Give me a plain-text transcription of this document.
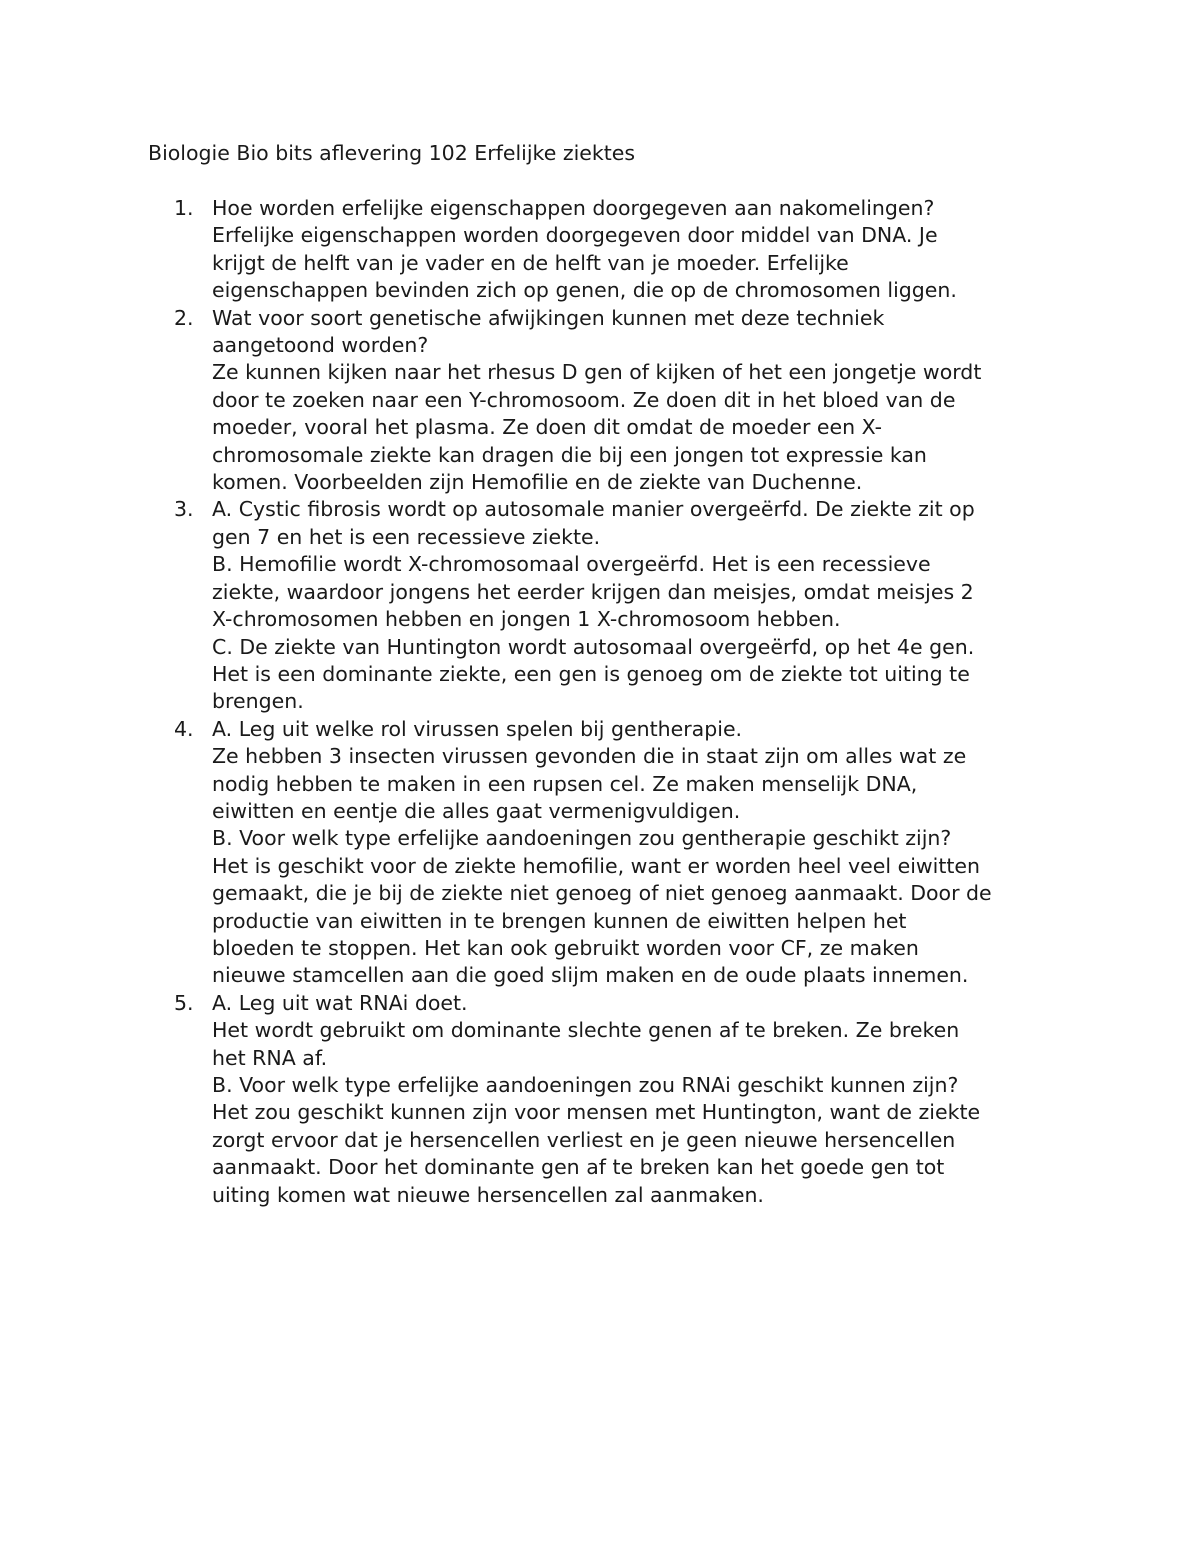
Biologie Bio bits aflevering 102 Erfelijke ziektes
1. Hoe worden erfelijke eigenschappen doorgegeven aan nakomelingen?
Erfelijke eigenschappen worden doorgegeven door middel van DNA. Je
krijgt de helft van je vader en de helft van je moeder. Erfelijke
eigenschappen bevinden zich op genen, die op de chromosomen liggen.
2. Wat voor soort genetische afwijkingen kunnen met deze techniek
aangetoond worden?
Ze kunnen kijken naar het rhesus D gen of kijken of het een jongetje wordt
door te zoeken naar een Y-chromosoom. Ze doen dit in het bloed van de
moeder, vooral het plasma. Ze doen dit omdat de moeder een X-
chromosomale ziekte kan dragen die bij een jongen tot expressie kan
komen. Voorbeelden zijn Hemofilie en de ziekte van Duchenne.
3. A. Cystic fibrosis wordt op autosomale manier overgeërfd. De ziekte zit op
gen 7 en het is een recessieve ziekte.
B. Hemofilie wordt X-chromosomaal overgeërfd. Het is een recessieve
ziekte, waardoor jongens het eerder krijgen dan meisjes, omdat meisjes 2
X-chromosomen hebben en jongen 1 X-chromosoom hebben.
C. De ziekte van Huntington wordt autosomaal overgeërfd, op het 4e gen.
Het is een dominante ziekte, een gen is genoeg om de ziekte tot uiting te
brengen.
4. A. Leg uit welke rol virussen spelen bij gentherapie.
Ze hebben 3 insecten virussen gevonden die in staat zijn om alles wat ze
nodig hebben te maken in een rupsen cel. Ze maken menselijk DNA,
eiwitten en eentje die alles gaat vermenigvuldigen.
B. Voor welk type erfelijke aandoeningen zou gentherapie geschikt zijn?
Het is geschikt voor de ziekte hemofilie, want er worden heel veel eiwitten
gemaakt, die je bij de ziekte niet genoeg of niet genoeg aanmaakt. Door de
productie van eiwitten in te brengen kunnen de eiwitten helpen het
bloeden te stoppen. Het kan ook gebruikt worden voor CF, ze maken
nieuwe stamcellen aan die goed slijm maken en de oude plaats innemen.
5. A. Leg uit wat RNAi doet.
Het wordt gebruikt om dominante slechte genen af te breken. Ze breken
het RNA af.
B. Voor welk type erfelijke aandoeningen zou RNAi geschikt kunnen zijn?
Het zou geschikt kunnen zijn voor mensen met Huntington, want de ziekte
zorgt ervoor dat je hersencellen verliest en je geen nieuwe hersencellen
aanmaakt. Door het dominante gen af te breken kan het goede gen tot
uiting komen wat nieuwe hersencellen zal aanmaken.
